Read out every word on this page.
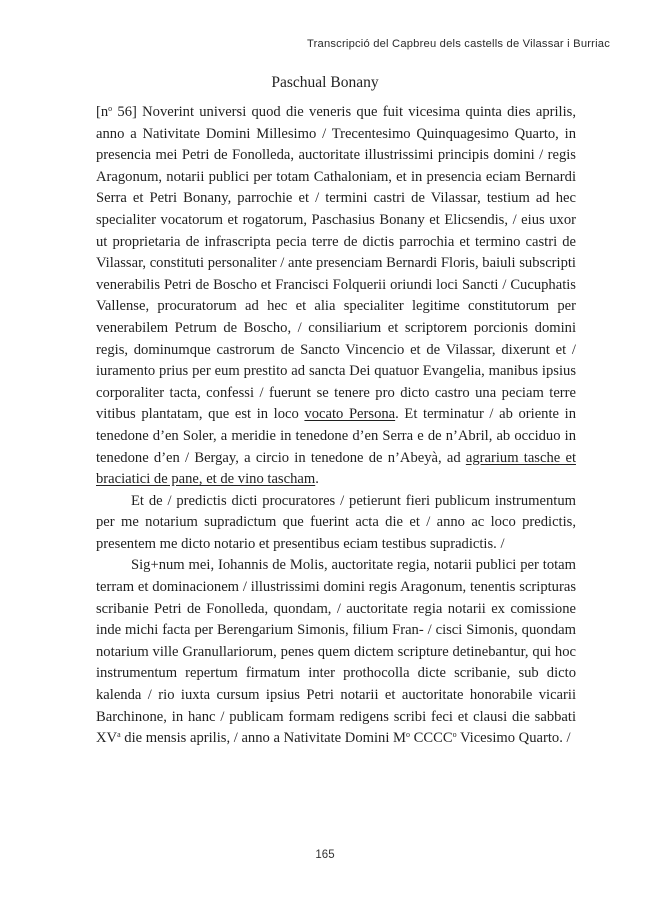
Transcripció del Capbreu dels castells de Vilassar i Burriac
Paschual Bonany

[$n^o$ 56] Noverint universi quod die veneris que fuit vicesima quinta dies aprilis, anno a Nativitate Domini Millesimo / Trecentesimo Quinquagesimo Quarto, in presencia mei Petri de Fonolleda, auctoritate illustrissimi principis domini / regis Aragonum, notarii publici per totam Cathaloniam, et in presencia eciam Bernardi Serra et Petri Bonany, parrochie et / termini castri de Vilassar, testium ad hec specialiter vocatorum et rogatorum, Paschasius Bonany et Elicsendis, / eius uxor ut proprietaria de infrascripta pecia terre de dictis parrochia et termino castri de Vilassar, constituti personaliter / ante presenciam Bernardi Floris, baiuli subscripti venerabilis Petri de Boscho et Francisci Folquerii oriundi loci Sancti / Cucuphatis Vallense, procuratorum ad hec et alia specialiter legitime constitutorum per venerabilem Petrum de Boscho, / consiliarium et scriptorem porcionis domini regis, dominumque castrorum de Sancto Vincencio et de Vilassar, dixerunt et / iuramento prius per eum prestito ad sancta Dei quatuor Evangelia, manibus ipsius corporaliter tacta, confessi / fuerunt se tenere pro dicto castro una peciam terre vitibus plantatam, que est in loco vocato Persona. Et terminatur / ab oriente in tenedone d’en Soler, a meridie in tenedone d’en Serra e de n’Abril, ab occiduo in tenedone d’en / Bergay, a circio in tenedone de n’Abeyà, ad agrarium tasche et braciatici de pane, et de vino tascham.

Et de / predictis dicti procuratores / petierunt fieri publicum instrumentum per me notarium supradictum que fuerint acta die et / anno ac loco predictis, presentem me dicto notario et presentibus eciam testibus supradictis. /

Sig+num mei, Iohannis de Molis, auctoritate regia, notarii publici per totam terram et dominacionem / illustrissimi domini regis Aragonum, tenentis scripturas scribanie Petri de Fonolleda, quondam, / auctoritate regia notarii ex comissione inde michi facta per Berengarium Simonis, filium Fran- / cisci Simonis, quondam notarium ville Granullariorum, penes quem dictem scripture detinebantur, qui hoc instrumentum repertum firmatum inter prothocolla dicte scribanie, sub dicto kalenda / rio iuxta cursum ipsius Petri notarii et auctoritate honorabile vicarii Barchinone, in hanc / publicam formam redigens scribi feci et clausi die sabbati $XV^a$ die mensis aprilis, / anno a Nativitate Domini $M^o$ CCCC$^o$ Vicesimo Quarto. /

165
